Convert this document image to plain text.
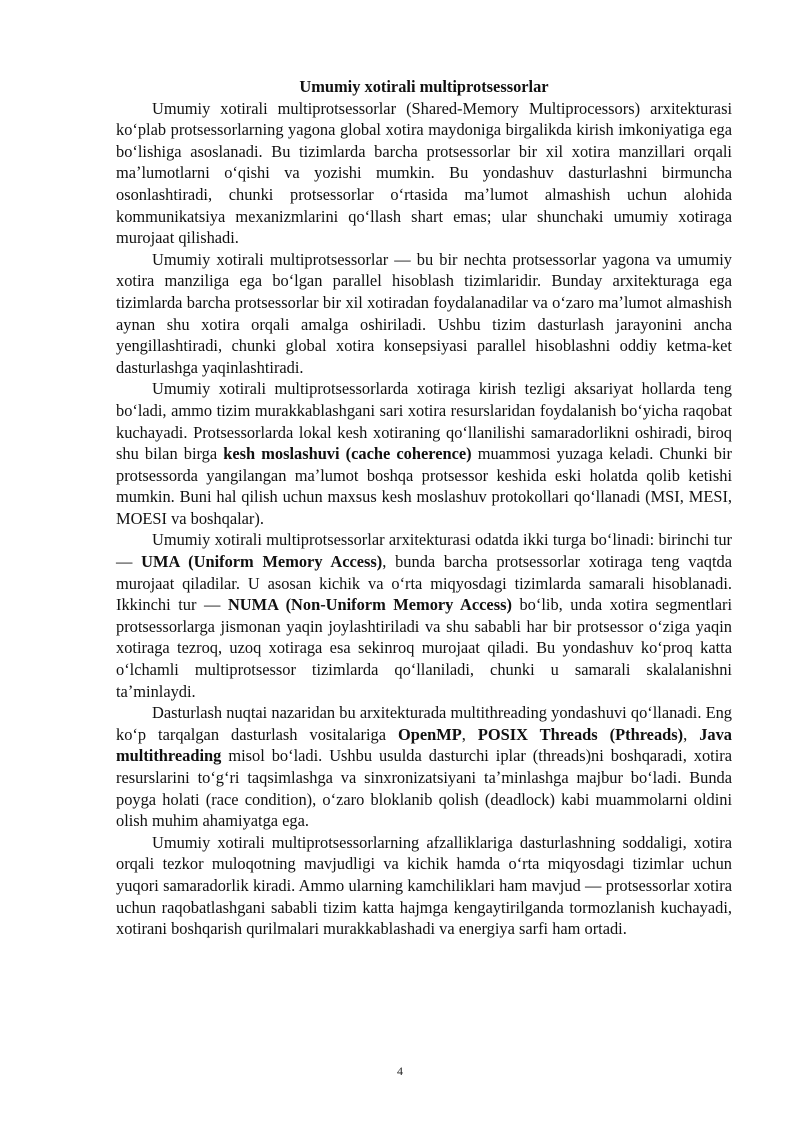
Umumiy xotirali multiprotsessorlar

Umumiy xotirali multiprotsessorlar (Shared-Memory Multiprocessors) arxitekturasi koʻplab protsessorlarning yagona global xotira maydoniga birgalikda kirish imkoniyatiga ega boʻlishiga asoslanadi. Bu tizimlarda barcha protsessorlar bir xil xotira manzillari orqali maʼlumotlarni oʻqishi va yozishi mumkin. Bu yondashuv dasturlashni birmuncha osonlashtiradi, chunki protsessorlar oʻrtasida maʼlumot almashish uchun alohida kommunikatsiya mexanizmlarini qoʻllash shart emas; ular shunchaki umumiy xotiraga murojaat qilishadi.

Umumiy xotirali multiprotsessorlar — bu bir nechta protsessorlar yagona va umumiy xotira manziliga ega boʻlgan parallel hisoblash tizimlaridir. Bunday arxitekturaga ega tizimlarda barcha protsessorlar bir xil xotiradan foydalanadilar va oʻzaro maʼlumot almashish aynan shu xotira orqali amalga oshiriladi. Ushbu tizim dasturlash jarayonini ancha yengillashtiradi, chunki global xotira konsepsiyasi parallel hisoblashni oddiy ketma-ket dasturlashga yaqinlashtiradi.

Umumiy xotirali multiprotsessorlarda xotiraga kirish tezligi aksariyat hollarda teng boʻladi, ammo tizim murakkablashgani sari xotira resurslaridan foydalanish boʻyicha raqobat kuchayadi. Protsessorlarda lokal kesh xotiraning qoʻllanilishi samaradorlikni oshiradi, biroq shu bilan birga kesh moslashuvi (cache coherence) muammosi yuzaga keladi. Chunki bir protsessorda yangilangan maʼlumot boshqa protsessor keshida eski holatda qolib ketishi mumkin. Buni hal qilish uchun maxsus kesh moslashuv protokollari qoʻllanadi (MSI, MESI, MOESI va boshqalar).

Umumiy xotirali multiprotsessorlar arxitekturasi odatda ikki turga boʻlinadi: birinchi tur — UMA (Uniform Memory Access), bunda barcha protsessorlar xotiraga teng vaqtda murojaat qiladilar. U asosan kichik va oʻrta miqyosdagi tizimlarda samarali hisoblanadi. Ikkinchi tur — NUMA (Non-Uniform Memory Access) boʻlib, unda xotira segmentlari protsessorlarga jismonan yaqin joylashtiriladi va shu sababli har bir protsessor oʻziga yaqin xotiraga tezroq, uzoq xotiraga esa sekinroq murojaat qiladi. Bu yondashuv koʻproq katta oʻlchamli multiprotsessor tizimlarda qoʻllaniladi, chunki u samarali skalalanishni taʼminlaydi.

Dasturlash nuqtai nazaridan bu arxitekturada multithreading yondashuvi qoʻllanadi. Eng koʻp tarqalgan dasturlash vositalariga OpenMP, POSIX Threads (Pthreads), Java multithreading misol boʻladi. Ushbu usulda dasturchi iplar (threads)ni boshqaradi, xotira resurslarini toʻgʻri taqsimlashga va sinxronizatsiyani taʼminlashga majbur boʻladi. Bunda poyga holati (race condition), oʻzaro bloklanib qolish (deadlock) kabi muammolarni oldini olish muhim ahamiyatga ega.

Umumiy xotirali multiprotsessorlarning afzalliklariga dasturlashning soddaligi, xotira orqali tezkor muloqotning mavjudligi va kichik hamda oʻrta miqyosdagi tizimlar uchun yuqori samaradorlik kiradi. Ammo ularning kamchiliklari ham mavjud — protsessorlar xotira uchun raqobatlashgani sababli tizim katta hajmga kengaytirilganda tormozlanish kuchayadi, xotirani boshqarish qurilmalari murakkablashadi va energiya sarfi ham ortadi.

4
